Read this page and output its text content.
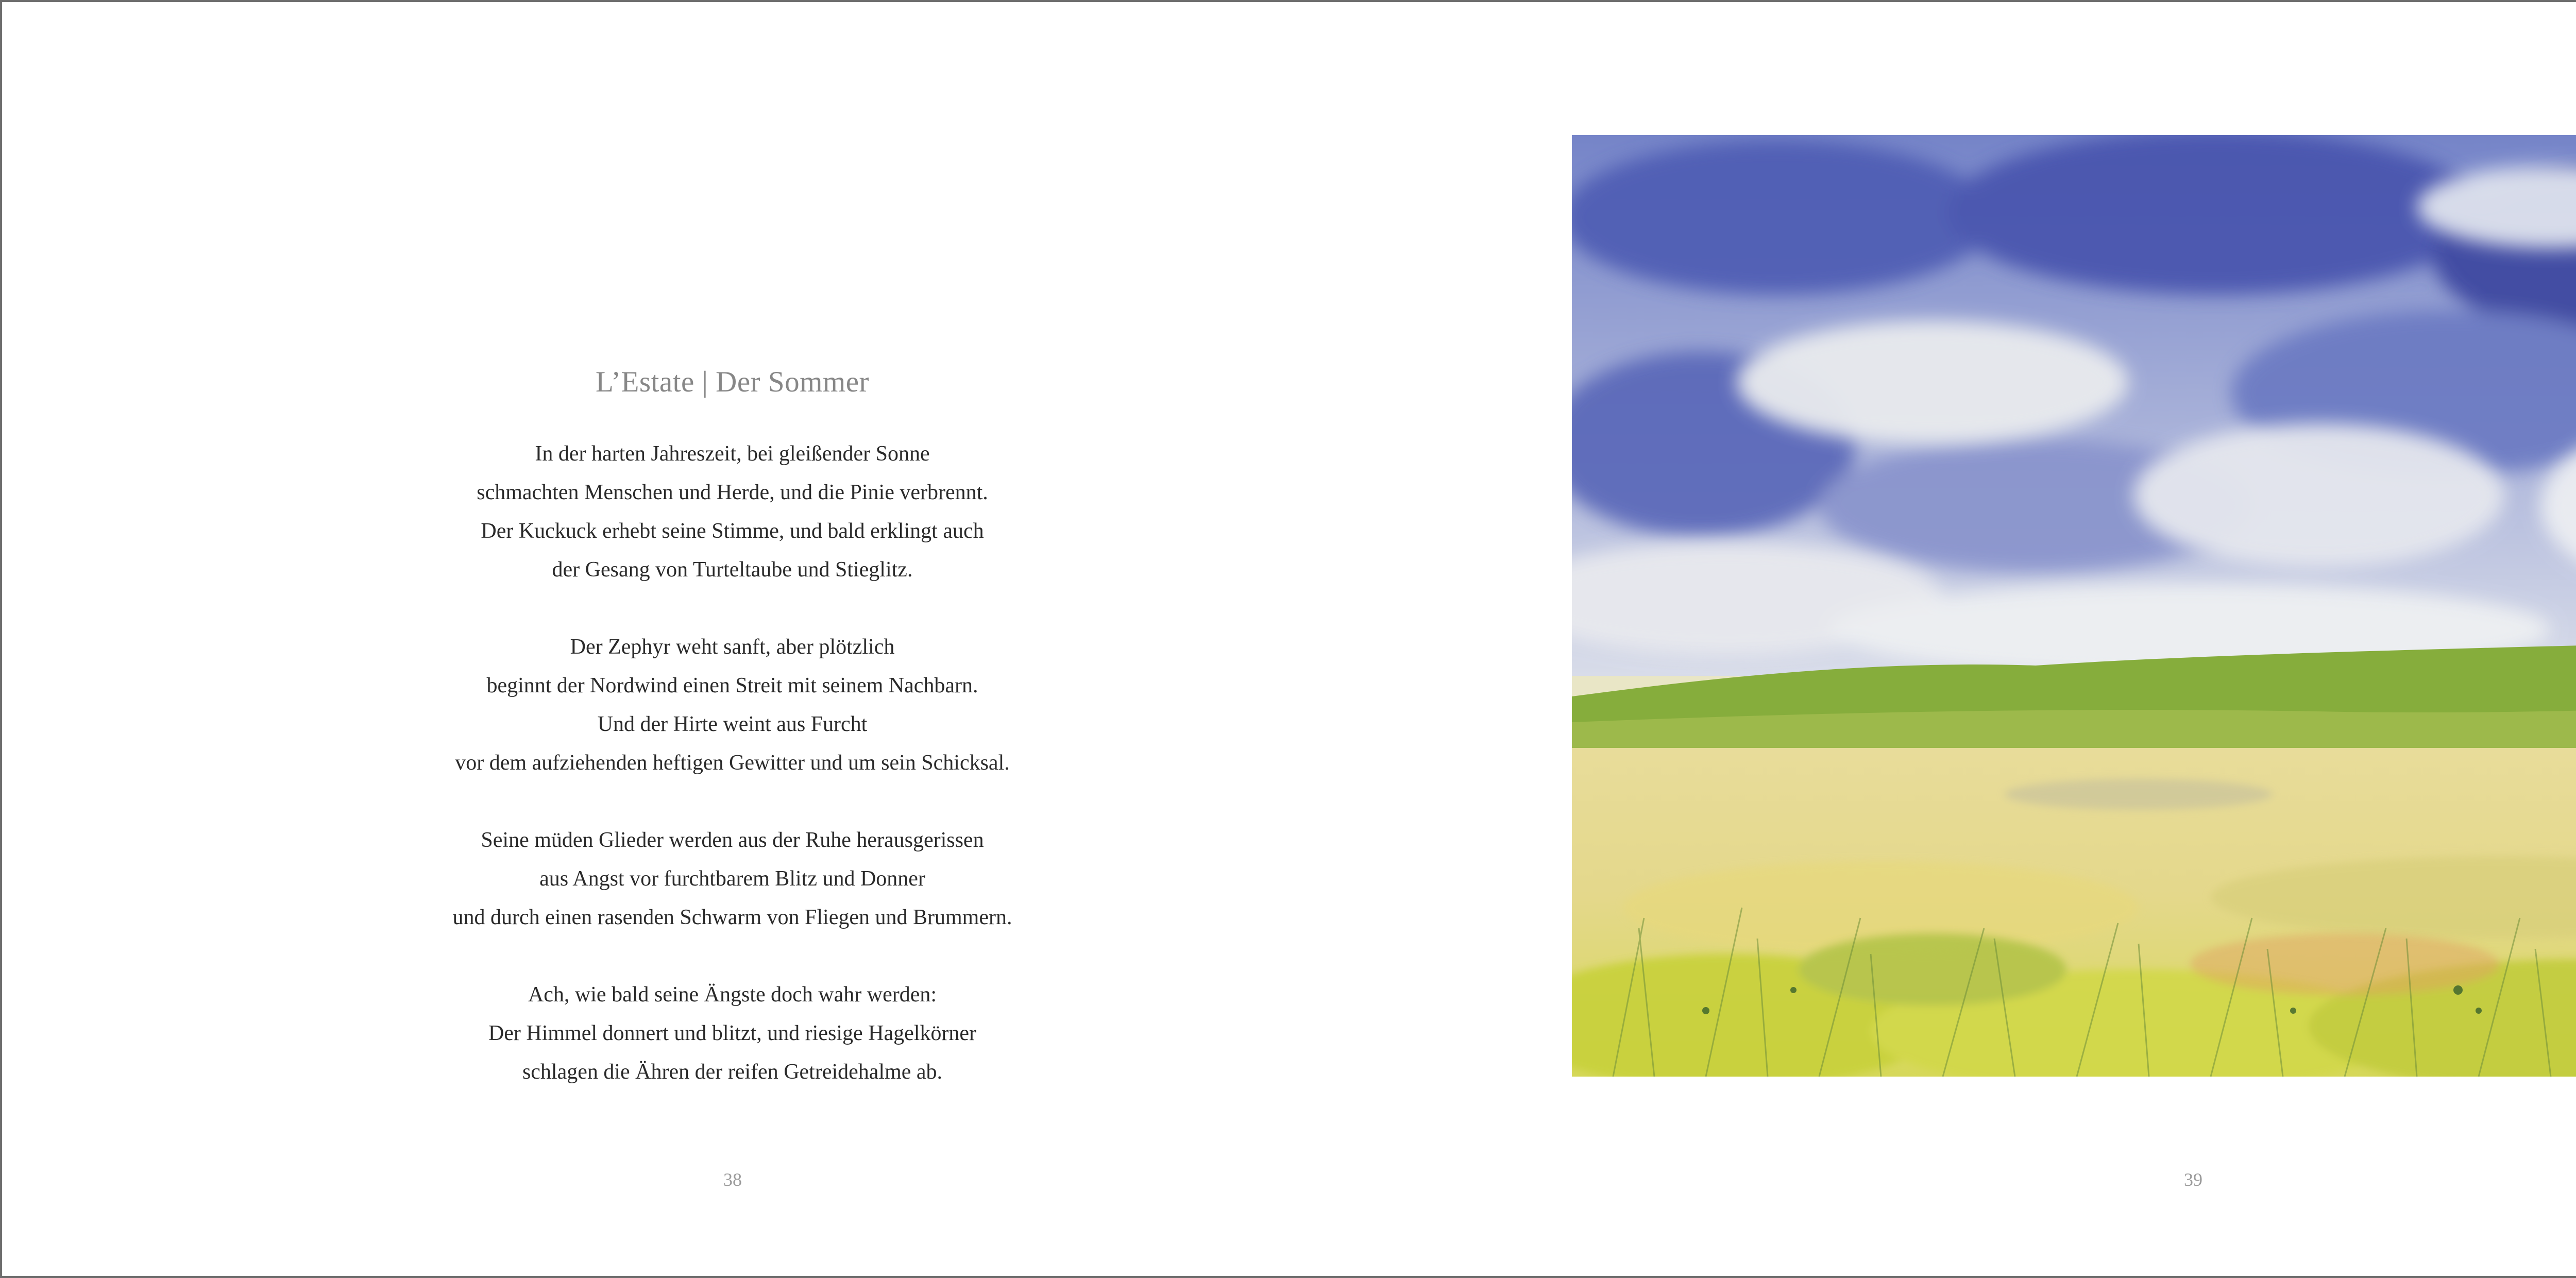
L’Estate | Der Sommer
In der harten Jahreszeit, bei gleißender Sonne
schmachten Menschen und Herde, und die Pinie verbrennt.
Der Kuckuck erhebt seine Stimme, und bald erklingt auch
der Gesang von Turteltaube und Stieglitz.
Der Zephyr weht sanft, aber plötzlich
beginnt der Nordwind einen Streit mit seinem Nachbarn.
Und der Hirte weint aus Furcht
vor dem aufziehenden heftigen Gewitter und um sein Schicksal.
Seine müden Glieder werden aus der Ruhe herausgerissen
aus Angst vor furchtbarem Blitz und Donner
und durch einen rasenden Schwarm von Fliegen und Brummern.
Ach, wie bald seine Ängste doch wahr werden:
Der Himmel donnert und blitzt, und riesige Hagelkörner
schlagen die Ähren der reifen Getreidehalme ab.
38	39
